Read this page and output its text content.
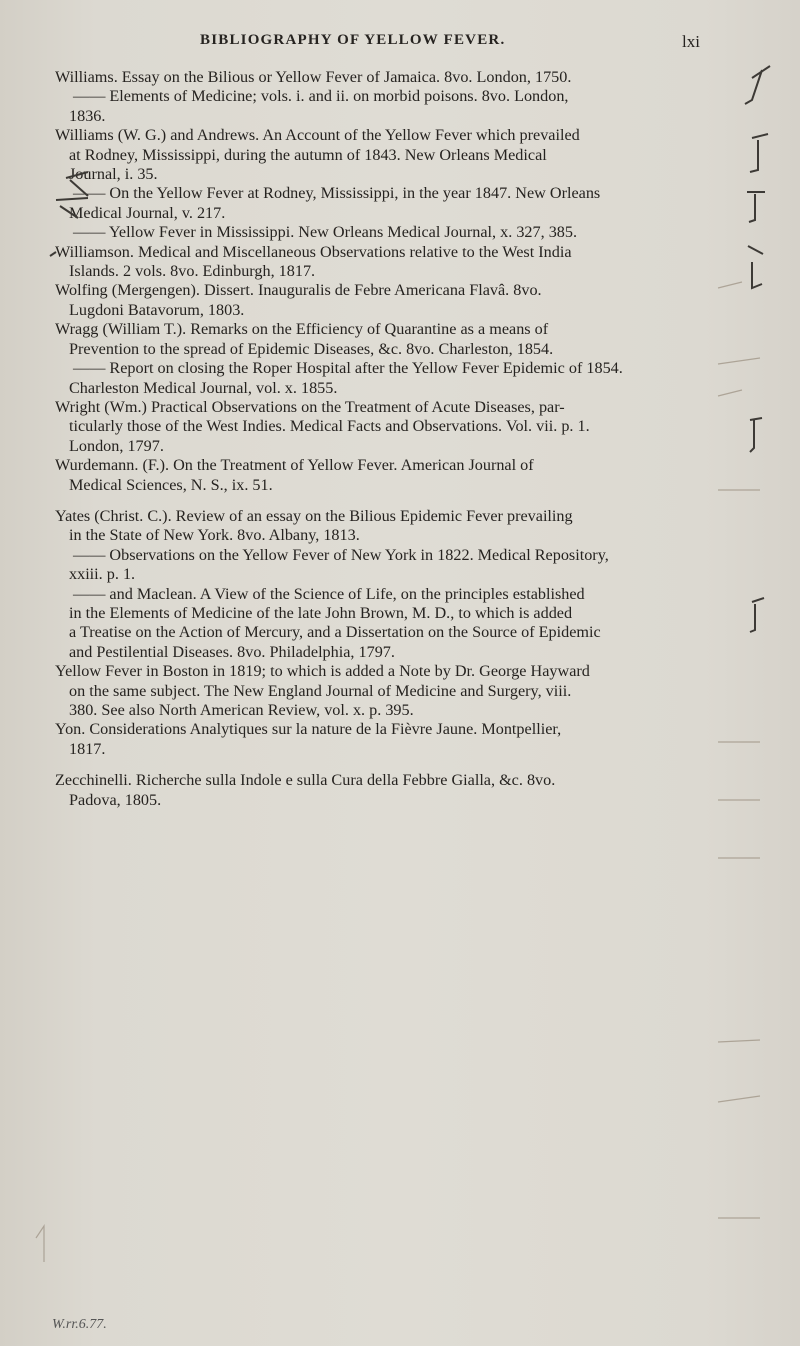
BIBLIOGRAPHY OF YELLOW FEVER.	lxi
Williams. Essay on the Bilious or Yellow Fever of Jamaica. 8vo. London, 1750.
—— Elements of Medicine; vols. i. and ii. on morbid poisons. 8vo. London,
1836.
Williams (W. G.) and Andrews. An Account of the Yellow Fever which prevailed
at Rodney, Mississippi, during the autumn of 1843. New Orleans Medical
Journal, i. 35.
—— On the Yellow Fever at Rodney, Mississippi, in the year 1847. New Orleans
Medical Journal, v. 217.
—— Yellow Fever in Mississippi. New Orleans Medical Journal, x. 327, 385.
Williamson. Medical and Miscellaneous Observations relative to the West India
Islands. 2 vols. 8vo. Edinburgh, 1817.
Wolfing (Mergengen). Dissert. Inauguralis de Febre Americana Flavâ. 8vo.
Lugdoni Batavorum, 1803.
Wragg (William T.). Remarks on the Efficiency of Quarantine as a means of
Prevention to the spread of Epidemic Diseases, &c. 8vo. Charleston, 1854.
—— Report on closing the Roper Hospital after the Yellow Fever Epidemic of 1854.
Charleston Medical Journal, vol. x. 1855.
Wright (Wm.) Practical Observations on the Treatment of Acute Diseases, par-
ticularly those of the West Indies. Medical Facts and Observations. Vol. vii. p. 1.
London, 1797.
Wurdemann. (F.). On the Treatment of Yellow Fever. American Journal of
Medical Sciences, N. S., ix. 51.
Yates (Christ. C.). Review of an essay on the Bilious Epidemic Fever prevailing
in the State of New York. 8vo. Albany, 1813.
—— Observations on the Yellow Fever of New York in 1822. Medical Repository,
xxiii. p. 1.
—— and Maclean. A View of the Science of Life, on the principles established
in the Elements of Medicine of the late John Brown, M. D., to which is added
a Treatise on the Action of Mercury, and a Dissertation on the Source of Epidemic
and Pestilential Diseases. 8vo. Philadelphia, 1797.
Yellow Fever in Boston in 1819; to which is added a Note by Dr. George Hayward
on the same subject. The New England Journal of Medicine and Surgery, viii.
380. See also North American Review, vol. x. p. 395.
Yon. Considerations Analytiques sur la nature de la Fièvre Jaune. Montpellier,
1817.
Zecchinelli. Richerche sulla Indole e sulla Cura della Febbre Gialla, &c. 8vo.
Padova, 1805.
W.rr.6.77.
